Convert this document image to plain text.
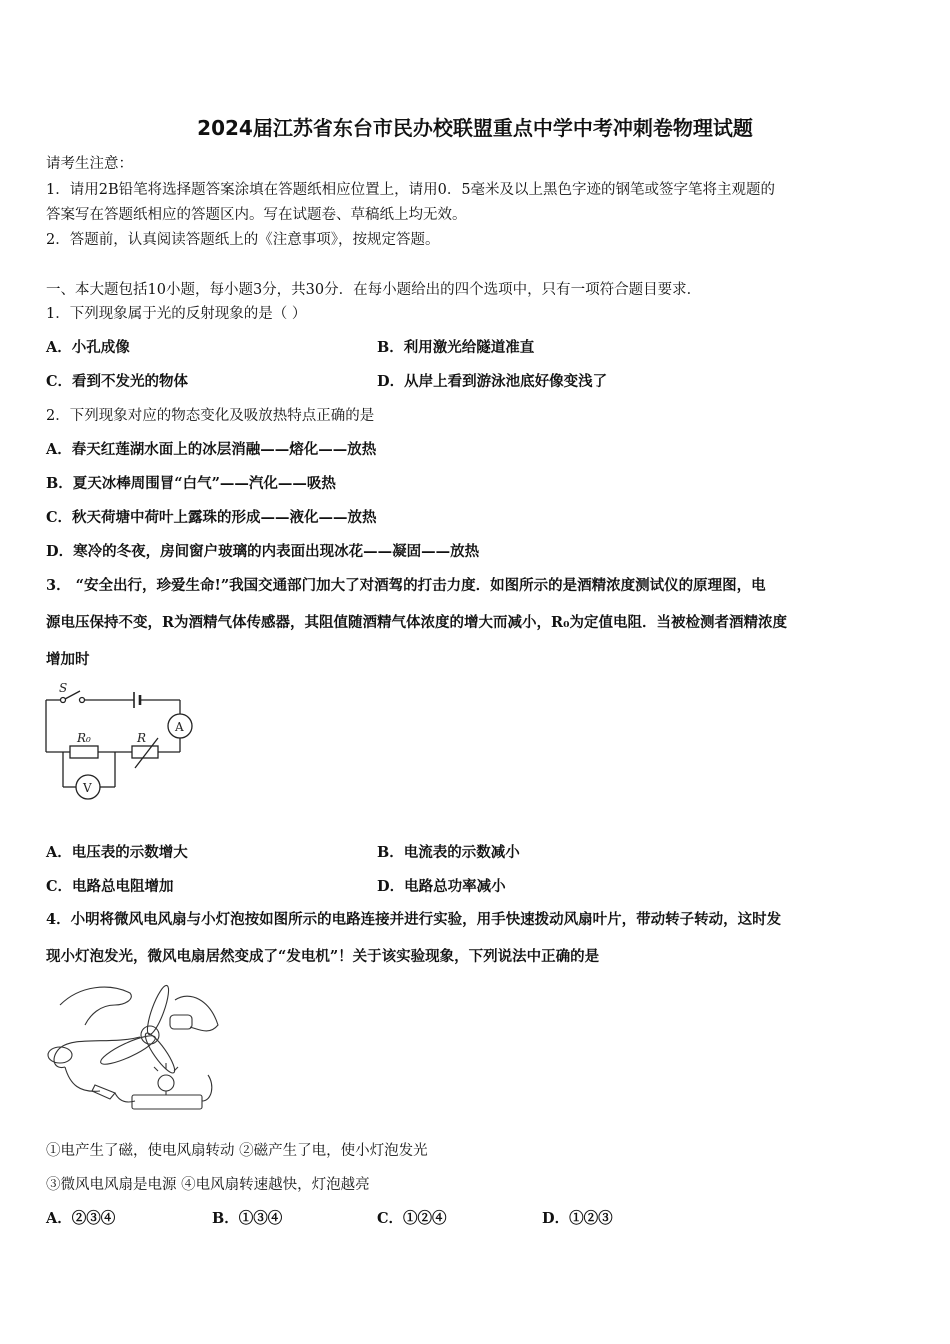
2024届江苏省东台市民办校联盟重点中学中考冲刺卷物理试题
请考生注意：
1．请用2B铅笔将选择题答案涂填在答题纸相应位置上，请用0．5毫米及以上黑色字迹的钢笔或签字笔将主观题的
答案写在答题纸相应的答题区内。写在试题卷、草稿纸上均无效。
2．答题前，认真阅读答题纸上的《注意事项》，按规定答题。
一、本大题包括10小题，每小题3分，共30分．在每小题给出的四个选项中，只有一项符合题目要求．
1．下列现象属于光的反射现象的是（ ）
A．小孔成像	B．利用激光给隧道准直
C．看到不发光的物体	D．从岸上看到游泳池底好像变浅了
2．下列现象对应的物态变化及吸放热特点正确的是
A．春天红莲湖水面上的冰层消融——熔化——放热
B．夏天冰棒周围冒“白气”——汽化——吸热
C．秋天荷塘中荷叶上露珠的形成——液化——放热
D．寒冷的冬夜，房间窗户玻璃的内表面出现冰花——凝固——放热
3． “安全出行，珍爱生命!”我国交通部门加大了对酒驾的打击力度．如图所示的是酒精浓度测试仪的原理图，电
源电压保持不变，R为酒精气体传感器，其阻值随酒精气体浓度的增大而减小，R₀为定值电阻．当被检测者酒精浓度
增加时
S
R₀	R
A
V
A．电压表的示数增大	B．电流表的示数减小
C．电路总电阻增加	D．电路总功率减小
4．小明将微风电风扇与小灯泡按如图所示的电路连接并进行实验，用手快速拨动风扇叶片，带动转子转动，这时发
现小灯泡发光，微风电扇居然变成了“发电机”！关于该实验现象，下列说法中正确的是
①电产生了磁，使电风扇转动 ②磁产生了电，使小灯泡发光
③微风电风扇是电源 ④电风扇转速越快，灯泡越亮
A．②③④	B．①③④	C．①②④	D．①②③
